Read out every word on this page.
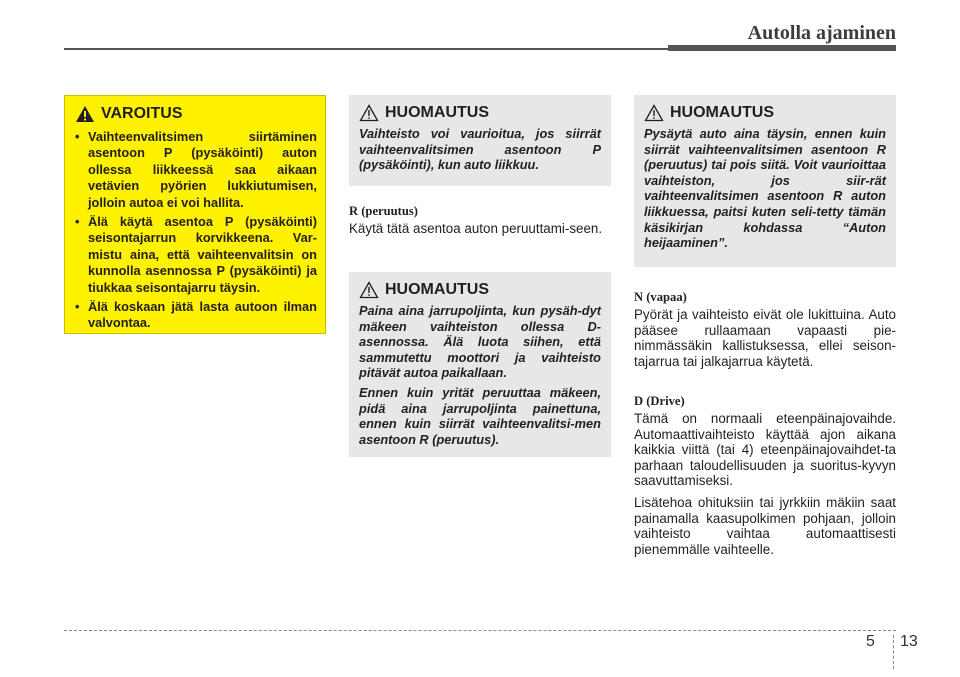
Autolla ajaminen
VAROITUS
• Vaihteenvalitsimen siirtäminen asentoon P (pysäköinti) auton ollessa liikkeessä saa aikaan vetävien pyörien lukkiutumisen, jolloin autoa ei voi hallita.
• Älä käytä asentoa P (pysäköinti) seisontajarrun korvikkeena. Var-mistu aina, että vaihteenvalitsin on kunnolla asennossa P (pysäköinti) ja tiukkaa seisontajarru täysin.
• Älä koskaan jätä lasta autoon ilman valvontaa.
HUOMAUTUS

Vaihteisto voi vaurioitua, jos siirrät vaihteenvalitsimen asentoon P (pysäköinti), kun auto liikkuu.

R (peruutus)

Käytä tätä asentoa auton peruuttami-seen.

HUOMAUTUS

Paina aina jarrupoljinta, kun pysäh-dyt mäkeen vaihteiston ollessa D-asennossa. Älä luota siihen, että sammutettu moottori ja vaihteisto pitävät autoa paikallaan.

Ennen kuin yrität peruuttaa mäkeen, pidä aina jarrupoljinta painettuna, ennen kuin siirrät vaihteenvalitsi-men asentoon R (peruutus).

HUOMAUTUS

Pysäytä auto aina täysin, ennen kuin siirrät vaihteenvalitsimen asentoon R (peruutus) tai pois siitä. Voit vaurioittaa vaihteiston, jos siir-rät vaihteenvalitsimen asentoon R auton liikkuessa, paitsi kuten seli-tetty tämän käsikirjan kohdassa “Auton heijaaminen”.

N (vapaa)

Pyörät ja vaihteisto eivät ole lukittuina. Auto pääsee rullaamaan vapaasti pie-nimmässäkin kallistuksessa, ellei seison-tajarrua tai jalkajarrua käytetä.

D (Drive)

Tämä on normaali eteenpäinajovaihde. Automaattivaihteisto käyttää ajon aikana kaikkia viittä (tai 4) eteenpäinajovaihdet-ta parhaan taloudellisuuden ja suoritus-kyvyn saavuttamiseksi.

Lisätehoa ohituksiin tai jyrkkiin mäkiin saat painamalla kaasupolkimen pohjaan, jolloin vaihteisto vaihtaa automaattisesti pienemmälle vaihteelle.

5 13
